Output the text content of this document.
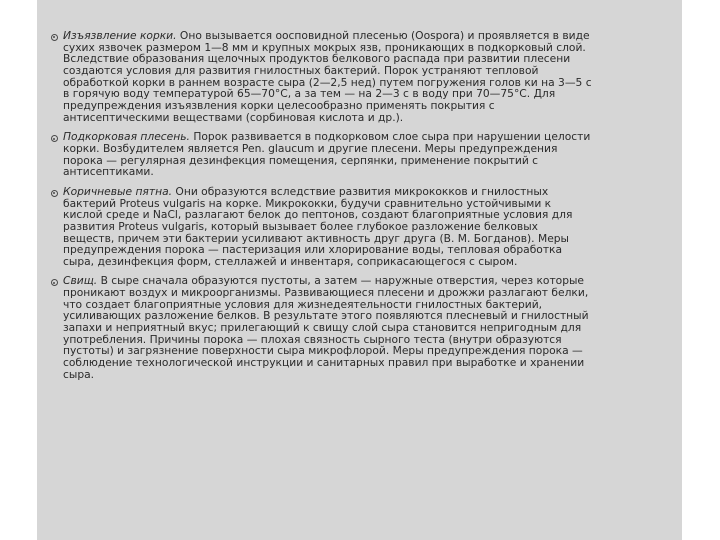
Изъязвление корки. Оно вызывается оосповидной плесенью (Oospora) и проявляется в виде сухих язвочек размером 1—8 мм и крупных мокрых язв, проникающих в подкорковый слой. Вследствие образования щелочных продуктов белкового распада при развитии плесени создаются условия для развития гнилостных бактерий. Порок устраняют тепловой обработкой корки в раннем возрасте сыра (2—2,5 нед) путем погружения голов ки на 3—5 с в горячую воду температурой 65—70°С, а за тем — на 2—3 с в воду при 70—75°С. Для предупреждения изъязвления корки целесообразно применять покрытия с антисептическими веществами (сорбиновая кислота и др.).
Подкорковая плесень. Порок развивается в подкорковом слое сыра при нарушении целости корки. Возбудителем является Pen. glaucum и другие плесени. Меры предупреждения порока — регулярная дезинфекция помещения, серпянки, применение покрытий с антисептиками.
Коричневые пятна. Они образуются вследствие развития микрококков и гнилостных бактерий Proteus vulgaris на корке. Микрококки, будучи сравнительно устойчивыми к кислой среде и NaCl, разлагают белок до пептонов, создают благоприятные условия для развития Proteus vulgaris, который вызывает более глубокое разложение белковых веществ, причем эти бактерии усиливают активность друг друга (В. М. Богданов). Меры предупреждения порока — пастеризация или хлорирование воды, тепловая обработка сыра, дезинфекция форм, стеллажей и инвентаря, соприкасающегося с сыром.
Свищ. В сыре сначала образуются пустоты, а затем — наружные отверстия, через которые проникают воздух и микроорганизмы. Развивающиеся плесени и дрожжи разлагают белки, что создает благоприятные условия для жизнедеятельности гнилостных бактерий, усиливающих разложение белков. В результате этого появляются плесневый и гнилостный запахи и неприятный вкус; прилегающий к свищу слой сыра становится непригодным для употребления. Причины порока — плохая связность сырного теста (внутри образуются пустоты) и загрязнение поверхности сыра микрофлорой. Меры предупреждения порока — соблюдение технологической инструкции и санитарных правил при выработке и хранении сыра.
